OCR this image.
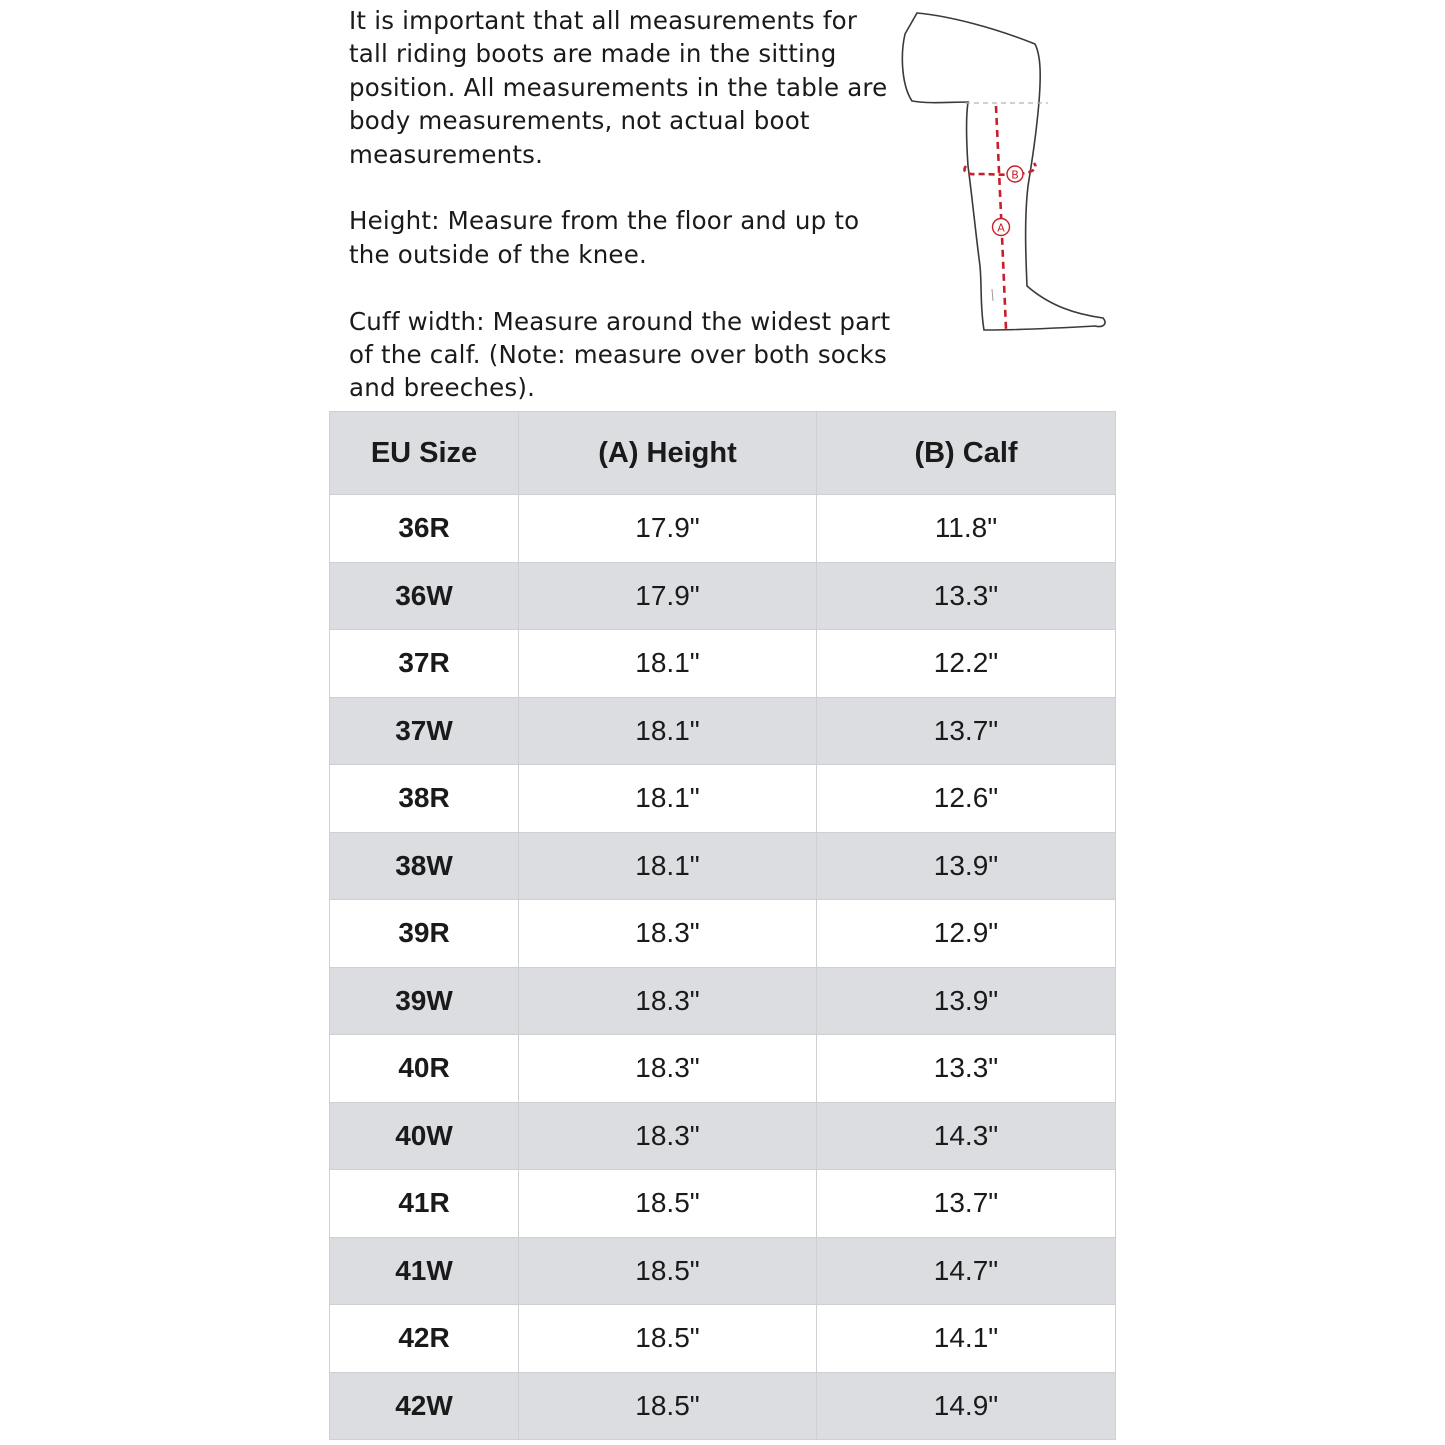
It is important that all measurements for tall riding boots are made in the sitting position. All measurements in the table are body measurements, not actual boot measurements.

Height: Measure from the floor and up to the outside of the knee.

Cuff width: Measure around the widest part of the calf. (Note: measure over both socks and breeches).

B
A
EU Size	(A) Height	(B) Calf
36R	17.9"	11.8"
36W	17.9"	13.3"
37R	18.1"	12.2"
37W	18.1"	13.7"
38R	18.1"	12.6"
38W	18.1"	13.9"
39R	18.3"	12.9"
39W	18.3"	13.9"
40R	18.3"	13.3"
40W	18.3"	14.3"
41R	18.5"	13.7"
41W	18.5"	14.7"
42R	18.5"	14.1"
42W	18.5"	14.9"
